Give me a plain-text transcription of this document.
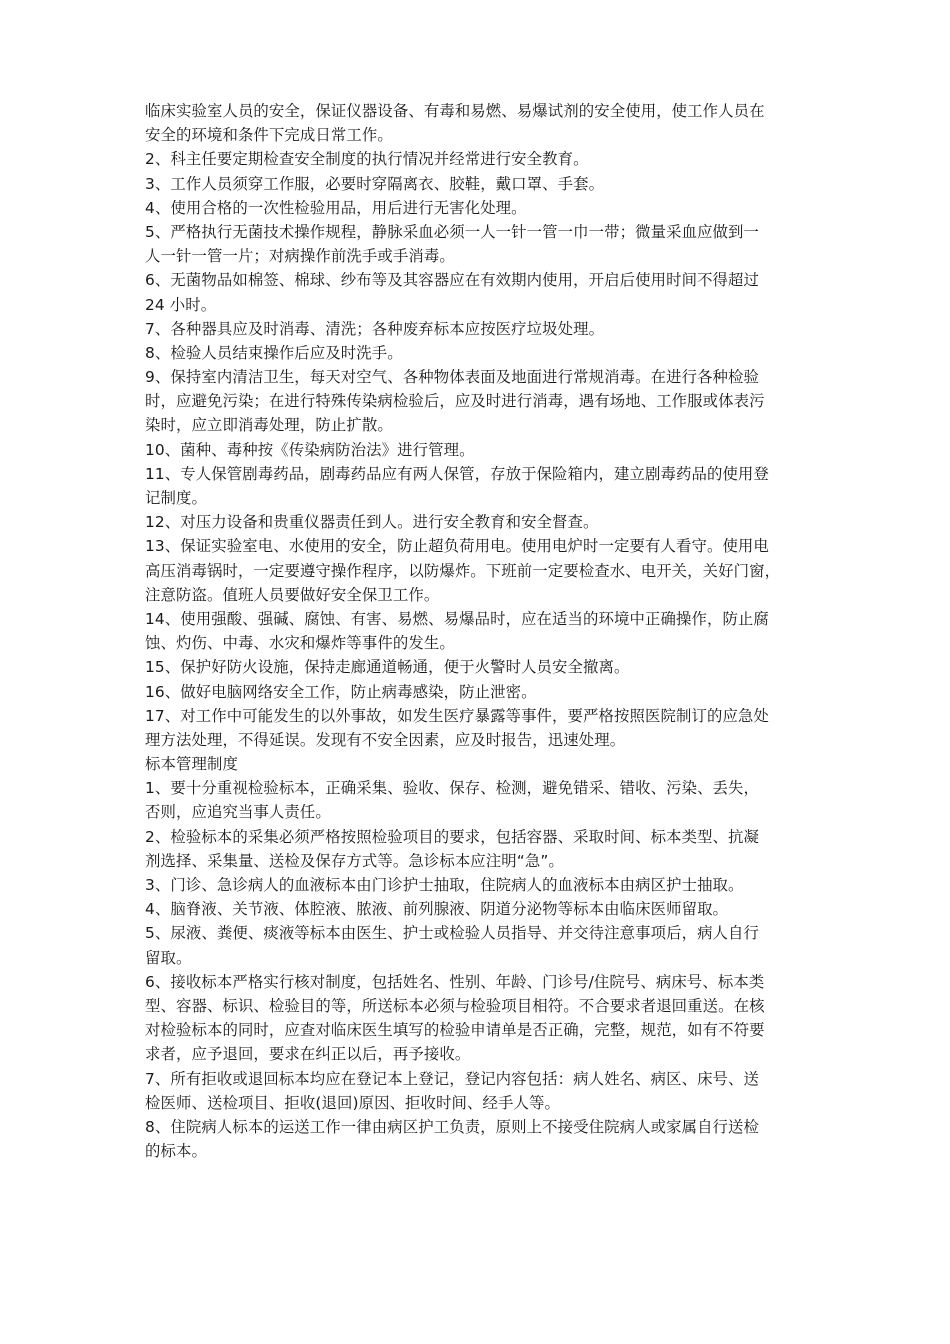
临床实验室人员的安全，保证仪器设备、有毒和易燃、易爆试剂的安全使用，使工作人员在
安全的环境和条件下完成日常工作。
2、科主任要定期检查安全制度的执行情况并经常进行安全教育。
3、工作人员须穿工作服，必要时穿隔离衣、胶鞋，戴口罩、手套。
4、使用合格的一次性检验用品，用后进行无害化处理。
5、严格执行无菌技术操作规程，静脉采血必须一人一针一管一巾一带；微量采血应做到一
人一针一管一片；对病操作前洗手或手消毒。
6、无菌物品如棉签、棉球、纱布等及其容器应在有效期内使用，开启后使用时间不得超过
24 小时。
7、各种器具应及时消毒、清洗；各种废弃标本应按医疗垃圾处理。
8、检验人员结束操作后应及时洗手。
9、保持室内清洁卫生，每天对空气、各种物体表面及地面进行常规消毒。在进行各种检验
时，应避免污染；在进行特殊传染病检验后，应及时进行消毒，遇有场地、工作服或体表污
染时，应立即消毒处理，防止扩散。
10、菌种、毒种按《传染病防治法》进行管理。
11、专人保管剧毒药品，剧毒药品应有两人保管，存放于保险箱内，建立剧毒药品的使用登
记制度。
12、对压力设备和贵重仪器责任到人。进行安全教育和安全督查。
13、保证实验室电、水使用的安全，防止超负荷用电。使用电炉时一定要有人看守。使用电
高压消毒锅时，一定要遵守操作程序，以防爆炸。下班前一定要检查水、电开关，关好门窗，
注意防盗。值班人员要做好安全保卫工作。
14、使用强酸、强碱、腐蚀、有害、易燃、易爆品时，应在适当的环境中正确操作，防止腐
蚀、灼伤、中毒、水灾和爆炸等事件的发生。
15、保护好防火设施，保持走廊通道畅通，便于火警时人员安全撤离。
16、做好电脑网络安全工作，防止病毒感染，防止泄密。
17、对工作中可能发生的以外事故，如发生医疗暴露等事件，要严格按照医院制订的应急处
理方法处理，不得延误。发现有不安全因素，应及时报告，迅速处理。
标本管理制度
1、要十分重视检验标本，正确采集、验收、保存、检测，避免错采、错收、污染、丢失，
否则，应追究当事人责任。
2、检验标本的采集必须严格按照检验项目的要求，包括容器、采取时间、标本类型、抗凝
剂选择、采集量、送检及保存方式等。急诊标本应注明“急”。
3、门诊、急诊病人的血液标本由门诊护士抽取，住院病人的血液标本由病区护士抽取。
4、脑脊液、关节液、体腔液、脓液、前列腺液、阴道分泌物等标本由临床医师留取。
5、尿液、粪便、痰液等标本由医生、护士或检验人员指导、并交待注意事项后，病人自行
留取。
6、接收标本严格实行核对制度，包括姓名、性别、年龄、门诊号/住院号、病床号、标本类
型、容器、标识、检验目的等，所送标本必须与检验项目相符。不合要求者退回重送。在核
对检验标本的同时，应查对临床医生填写的检验申请单是否正确，完整，规范，如有不符要
求者，应予退回，要求在纠正以后，再予接收。
7、所有拒收或退回标本均应在登记本上登记，登记内容包括：病人姓名、病区、床号、送
检医师、送检项目、拒收(退回)原因、拒收时间、经手人等。
8、住院病人标本的运送工作一律由病区护工负责，原则上不接受住院病人或家属自行送检
的标本。
